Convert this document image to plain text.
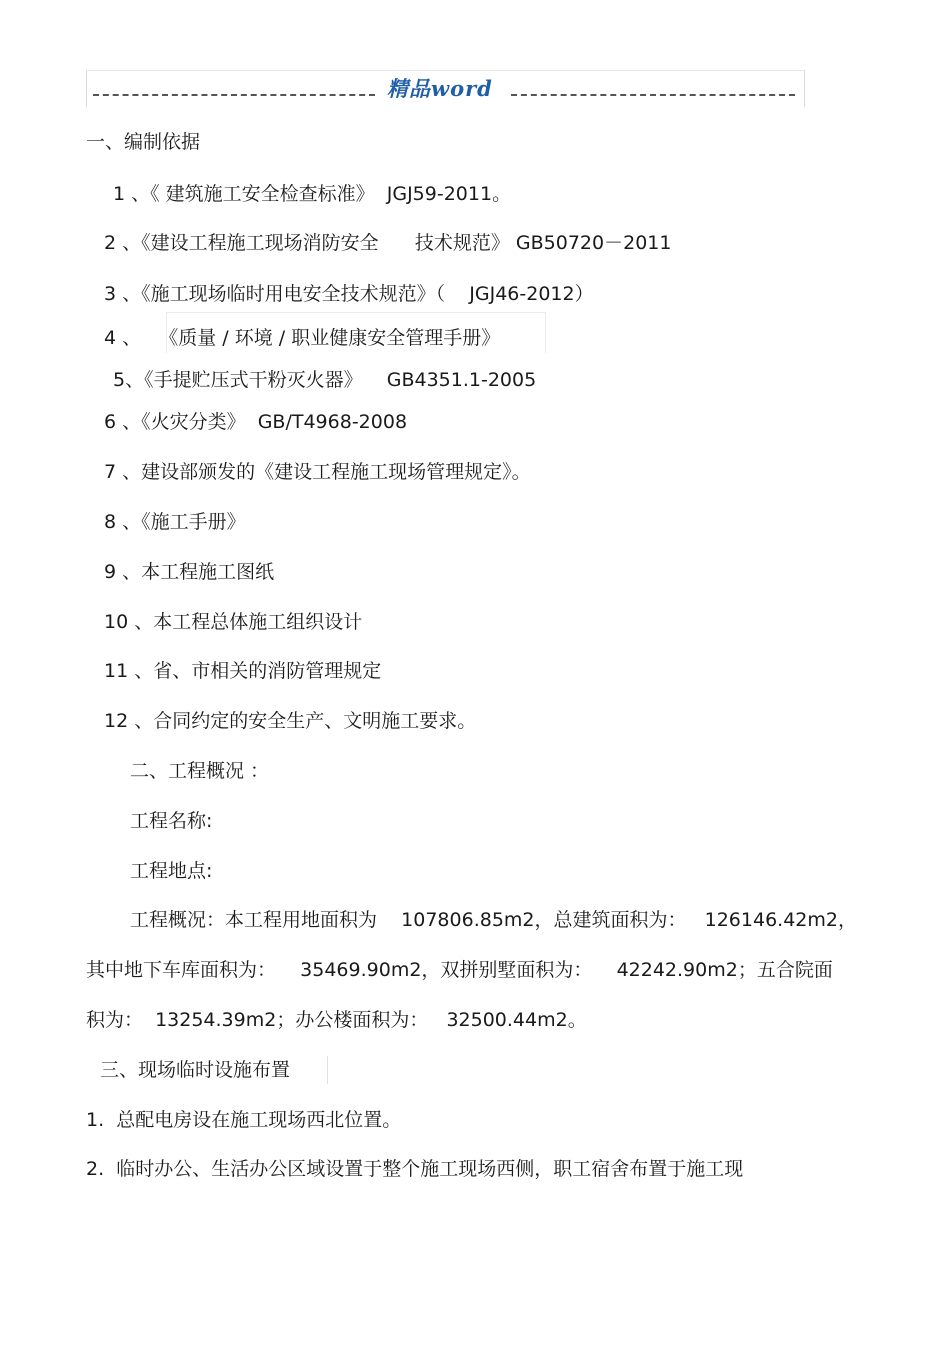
精品word
一、编制依据
1 、《 建筑施工安全检查标准》  JGJ59-2011。
2 、《建设工程施工现场消防安全      技术规范》 GB50720－2011
3 、《施工现场临时用电安全技术规范》（    JGJ46-2012）
4 、   《质量 / 环境 / 职业健康安全管理手册》
5、《手提贮压式干粉灭火器》    GB4351.1-2005
6 、《火灾分类》  GB/T4968-2008
7 、建设部颁发的《建设工程施工现场管理规定》。
8 、《施工手册》
9 、本工程施工图纸
10 、本工程总体施工组织设计
11 、省、市相关的消防管理规定
12 、合同约定的安全生产、文明施工要求。
二、工程概况 ：
工程名称:
工程地点:
工程概况：本工程用地面积为    107806.85m2，总建筑面积为：   126146.42m2，
其中地下车库面积为：    35469.90m2，双拼别墅面积为：    42242.90m2；五合院面
积为：  13254.39m2；办公楼面积为：   32500.44m2。
三、现场临时设施布置
1.  总配电房设在施工现场西北位置。
2.  临时办公、生活办公区域设置于整个施工现场西侧，职工宿舍布置于施工现
